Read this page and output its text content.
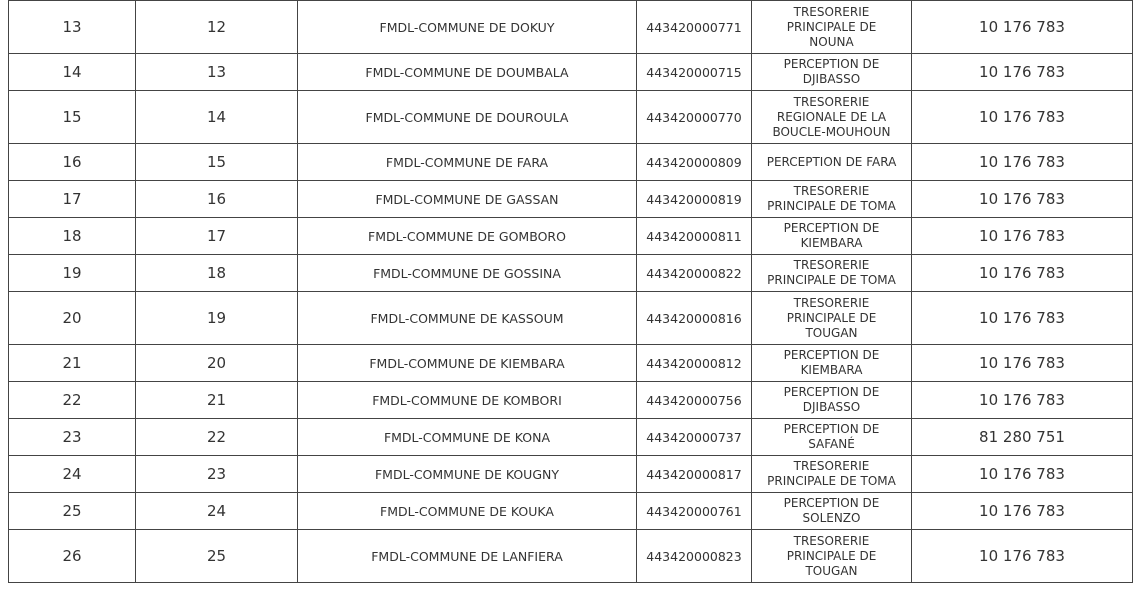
13	12	FMDL-COMMUNE DE DOKUY	443420000771	TRESORERIE
PRINCIPALE DE
NOUNA	10 176 783
14	13	FMDL-COMMUNE DE DOUMBALA	443420000715	PERCEPTION DE
DJIBASSO	10 176 783
15	14	FMDL-COMMUNE DE DOUROULA	443420000770	TRESORERIE
REGIONALE DE LA
BOUCLE-MOUHOUN	10 176 783
16	15	FMDL-COMMUNE DE FARA	443420000809	PERCEPTION DE FARA	10 176 783
17	16	FMDL-COMMUNE DE GASSAN	443420000819	TRESORERIE
PRINCIPALE DE TOMA	10 176 783
18	17	FMDL-COMMUNE DE GOMBORO	443420000811	PERCEPTION DE
KIEMBARA	10 176 783
19	18	FMDL-COMMUNE DE GOSSINA	443420000822	TRESORERIE
PRINCIPALE DE TOMA	10 176 783
20	19	FMDL-COMMUNE DE KASSOUM	443420000816	TRESORERIE
PRINCIPALE DE
TOUGAN	10 176 783
21	20	FMDL-COMMUNE DE KIEMBARA	443420000812	PERCEPTION DE
KIEMBARA	10 176 783
22	21	FMDL-COMMUNE DE KOMBORI	443420000756	PERCEPTION DE
DJIBASSO	10 176 783
23	22	FMDL-COMMUNE DE KONA	443420000737	PERCEPTION DE
SAFANÉ	81 280 751
24	23	FMDL-COMMUNE DE KOUGNY	443420000817	TRESORERIE
PRINCIPALE DE TOMA	10 176 783
25	24	FMDL-COMMUNE DE KOUKA	443420000761	PERCEPTION DE
SOLENZO	10 176 783
26	25	FMDL-COMMUNE DE LANFIERA	443420000823	TRESORERIE
PRINCIPALE DE
TOUGAN	10 176 783
